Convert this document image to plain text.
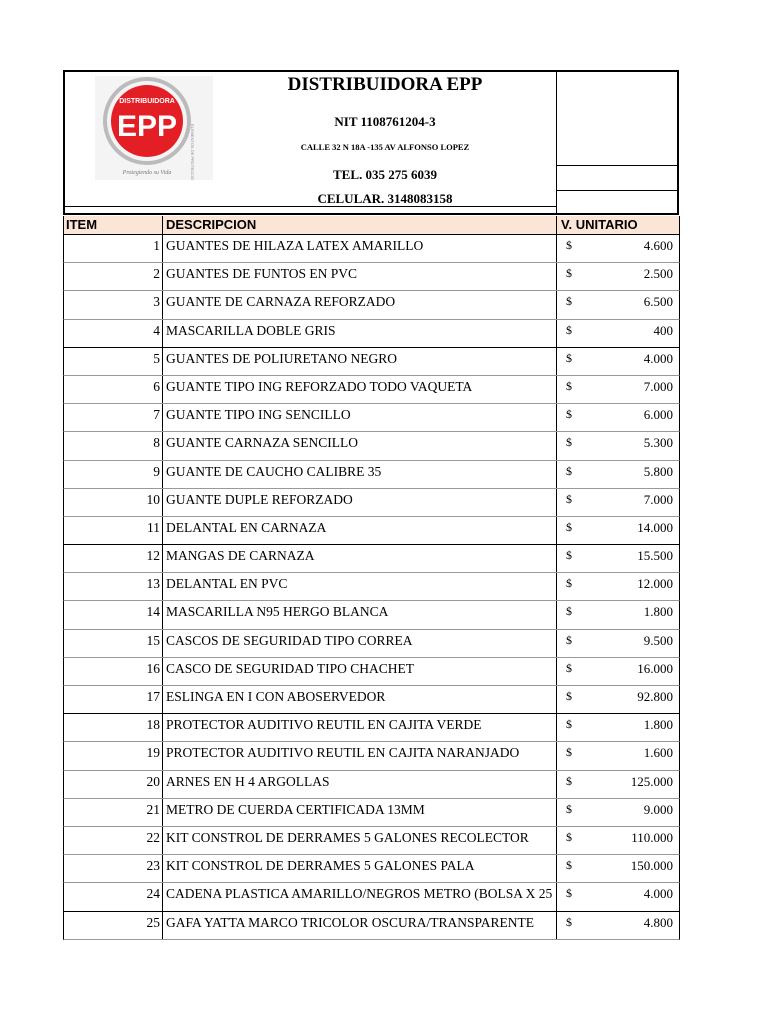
DISTRIBUIDORA
EPP
Protegiendo su Vida	ELEMENTOS DE PROTECCIÓN PERSONAL
DISTRIBUIDORA EPP
NIT 1108761204-3
CALLE 32 N 18A -135 AV ALFONSO LOPEZ
TEL. 035 275 6039
CELULAR. 3148083158
ITEM	DESCRIPCION	V. UNITARIO
1 GUANTES DE HILAZA LATEX AMARILLO	$	4.600
2 GUANTES DE FUNTOS EN PVC	$	2.500
3 GUANTE DE CARNAZA REFORZADO	$	6.500
4 MASCARILLA DOBLE GRIS	$	400
5 GUANTES DE POLIURETANO NEGRO	$	4.000
6 GUANTE TIPO ING REFORZADO TODO VAQUETA	$	7.000
7 GUANTE TIPO ING SENCILLO	$	6.000
8 GUANTE CARNAZA SENCILLO	$	5.300
9 GUANTE DE CAUCHO CALIBRE 35	$	5.800
10 GUANTE DUPLE REFORZADO	$	7.000
11 DELANTAL EN CARNAZA	$	14.000
12 MANGAS DE CARNAZA	$	15.500
13 DELANTAL EN PVC	$	12.000
14 MASCARILLA N95 HERGO BLANCA	$	1.800
15 CASCOS DE SEGURIDAD TIPO CORREA	$	9.500
16 CASCO DE SEGURIDAD TIPO CHACHET	$	16.000
17 ESLINGA EN I CON ABOSERVEDOR	$	92.800
18 PROTECTOR AUDITIVO REUTIL EN CAJITA VERDE	$	1.800
19 PROTECTOR AUDITIVO REUTIL EN CAJITA NARANJADO	$	1.600
20 ARNES EN H 4 ARGOLLAS	$	125.000
21 METRO DE CUERDA CERTIFICADA 13MM	$	9.000
22 KIT CONSTROL DE DERRAMES 5 GALONES RECOLECTOR	$	110.000
23 KIT CONSTROL DE DERRAMES 5 GALONES PALA	$	150.000
24 CADENA PLASTICA AMARILLO/NEGROS METRO (BOLSA X 25	$	4.000
25 GAFA YATTA MARCO TRICOLOR OSCURA/TRANSPARENTE	$	4.800
